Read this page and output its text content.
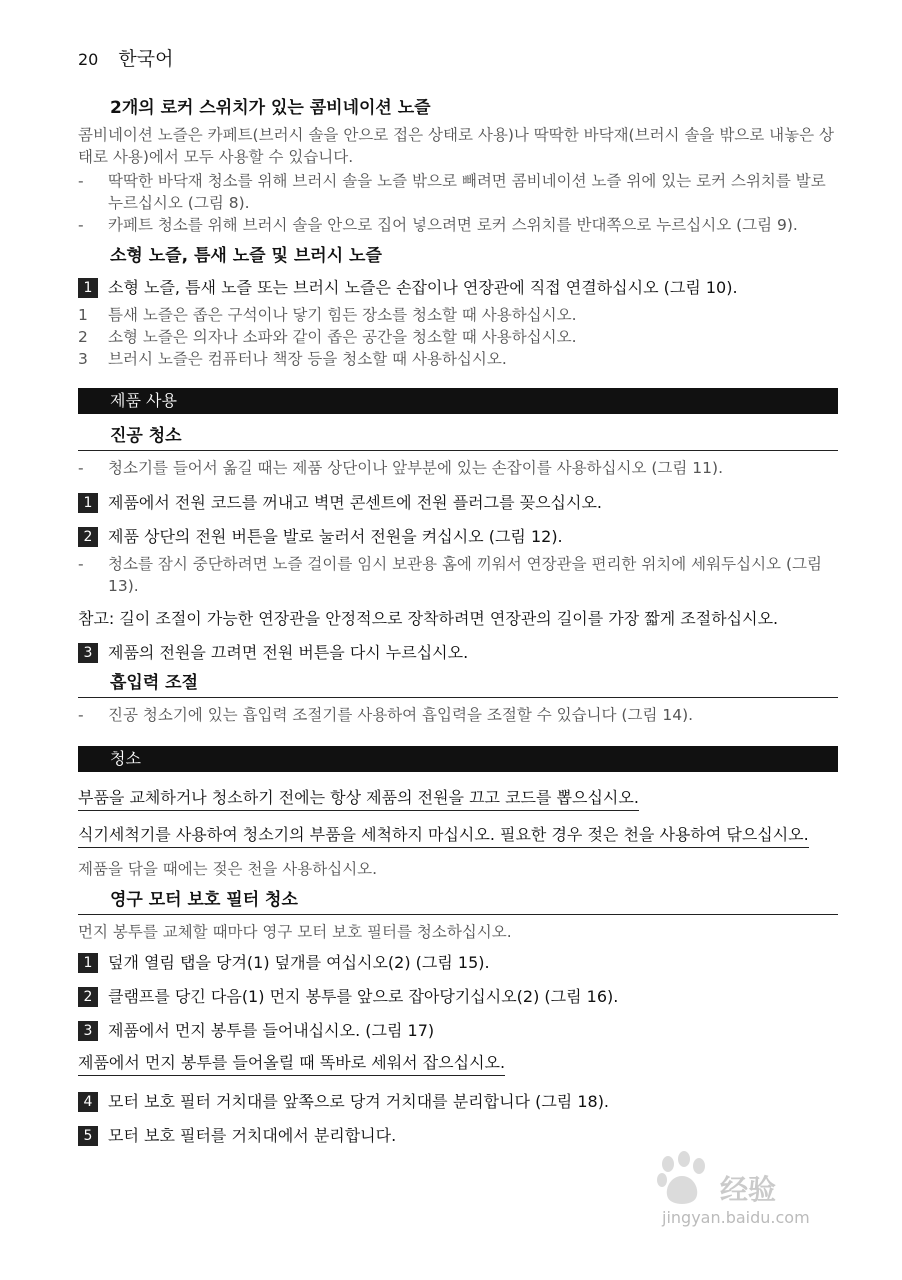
20 한국어
2개의 로커 스위치가 있는 콤비네이션 노즐
콤비네이션 노즐은 카페트(브러시 솔을 안으로 접은 상태로 사용)나 딱딱한 바닥재(브러시 솔을 밖으로 내놓은 상태로 사용)에서 모두 사용할 수 있습니다.
-	딱딱한 바닥재 청소를 위해 브러시 솔을 노즐 밖으로 빼려면 콤비네이션 노즐 위에 있는 로커 스위치를 발로 누르십시오 (그림 8).
-	카페트 청소를 위해 브러시 솔을 안으로 집어 넣으려면 로커 스위치를 반대쪽으로 누르십시오 (그림 9).
소형 노즐, 틈새 노즐 및 브러시 노즐
1 소형 노즐, 틈새 노즐 또는 브러시 노즐은 손잡이나 연장관에 직접 연결하십시오 (그림 10).
1	틈새 노즐은 좁은 구석이나 닿기 힘든 장소를 청소할 때 사용하십시오.
2	소형 노즐은 의자나 소파와 같이 좁은 공간을 청소할 때 사용하십시오.
3	브러시 노즐은 컴퓨터나 책장 등을 청소할 때 사용하십시오.
제품 사용
진공 청소
-	청소기를 들어서 옮길 때는 제품 상단이나 앞부분에 있는 손잡이를 사용하십시오 (그림 11).
1 제품에서 전원 코드를 꺼내고 벽면 콘센트에 전원 플러그를 꽂으십시오.
2 제품 상단의 전원 버튼을 발로 눌러서 전원을 켜십시오 (그림 12).
-	청소를 잠시 중단하려면 노즐 걸이를 임시 보관용 홈에 끼워서 연장관을 편리한 위치에 세워두십시오 (그림 13).
참고: 길이 조절이 가능한 연장관을 안정적으로 장착하려면 연장관의 길이를 가장 짧게 조절하십시오.
3 제품의 전원을 끄려면 전원 버튼을 다시 누르십시오.
흡입력 조절
-	진공 청소기에 있는 흡입력 조절기를 사용하여 흡입력을 조절할 수 있습니다 (그림 14).
청소
부품을 교체하거나 청소하기 전에는 항상 제품의 전원을 끄고 코드를 뽑으십시오. 식기세척기를 사용하여 청소기의 부품을 세척하지 마십시오. 필요한 경우 젖은 천을 사용하여 닦으십시오.
제품을 닦을 때에는 젖은 천을 사용하십시오.
영구 모터 보호 필터 청소
먼지 봉투를 교체할 때마다 영구 모터 보호 필터를 청소하십시오.
1 덮개 열림 탭을 당겨(1) 덮개를 여십시오(2) (그림 15).
2 클램프를 당긴 다음(1) 먼지 봉투를 앞으로 잡아당기십시오(2) (그림 16).
3 제품에서 먼지 봉투를 들어내십시오. (그림 17)
제품에서 먼지 봉투를 들어올릴 때 똑바로 세워서 잡으십시오.
4 모터 보호 필터 거치대를 앞쪽으로 당겨 거치대를 분리합니다 (그림 18).
5 모터 보호 필터를 거치대에서 분리합니다.
经验
jingyan.baidu.com
